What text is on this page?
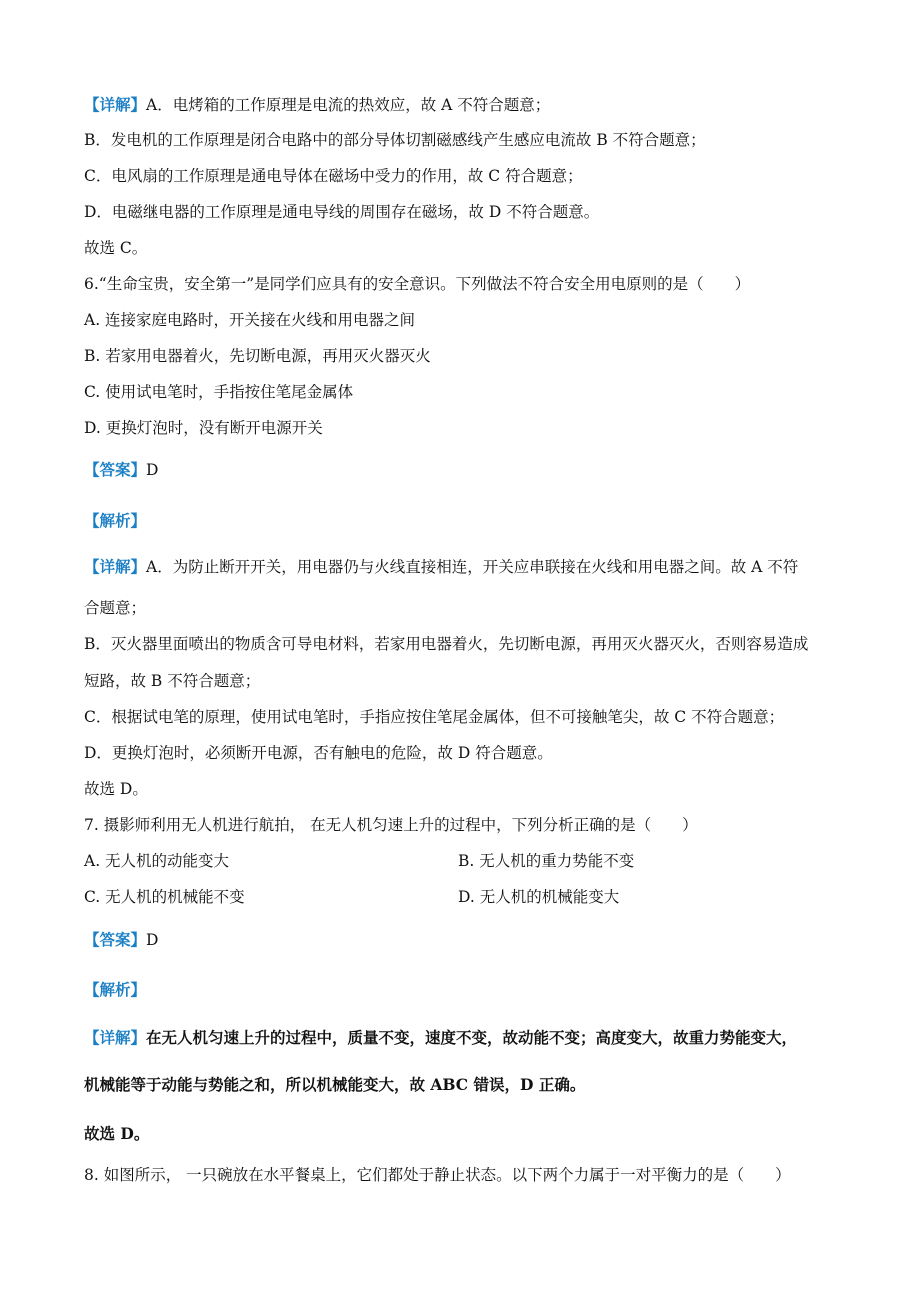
【详解】A．电烤箱的工作原理是电流的热效应，故 A 不符合题意；
B．发电机的工作原理是闭合电路中的部分导体切割磁感线产生感应电流故 B 不符合题意；
C．电风扇的工作原理是通电导体在磁场中受力的作用，故 C 符合题意；
D．电磁继电器的工作原理是通电导线的周围存在磁场，故 D 不符合题意。
故选 C。
6.“生命宝贵，安全第一”是同学们应具有的安全意识。下列做法不符合安全用电原则的是（　　）
A. 连接家庭电路时，开关接在火线和用电器之间
B. 若家用电器着火，先切断电源，再用灭火器灭火
C. 使用试电笔时，手指按住笔尾金属体
D. 更换灯泡时，没有断开电源开关
【答案】D
【解析】
【详解】A．为防止断开开关，用电器仍与火线直接相连，开关应串联接在火线和用电器之间。故 A 不符
合题意；
B．灭火器里面喷出的物质含可导电材料，若家用电器着火，先切断电源，再用灭火器灭火，否则容易造成
短路，故 B 不符合题意；
C．根据试电笔的原理，使用试电笔时，手指应按住笔尾金属体，但不可接触笔尖，故 C 不符合题意；
D．更换灯泡时，必须断开电源，否有触电的危险，故 D 符合题意。
故选 D。
7. 摄影师利用无人机进行航拍， 在无人机匀速上升的过程中，下列分析正确的是（　　）
A. 无人机的动能变大	B. 无人机的重力势能不变
C. 无人机的机械能不变	D. 无人机的机械能变大
【答案】D
【解析】
【详解】在无人机匀速上升的过程中，质量不变，速度不变，故动能不变；高度变大，故重力势能变大，
机械能等于动能与势能之和，所以机械能变大，故 ABC 错误，D 正确。
故选 D。
8. 如图所示， 一只碗放在水平餐桌上，它们都处于静止状态。以下两个力属于一对平衡力的是（　　）
